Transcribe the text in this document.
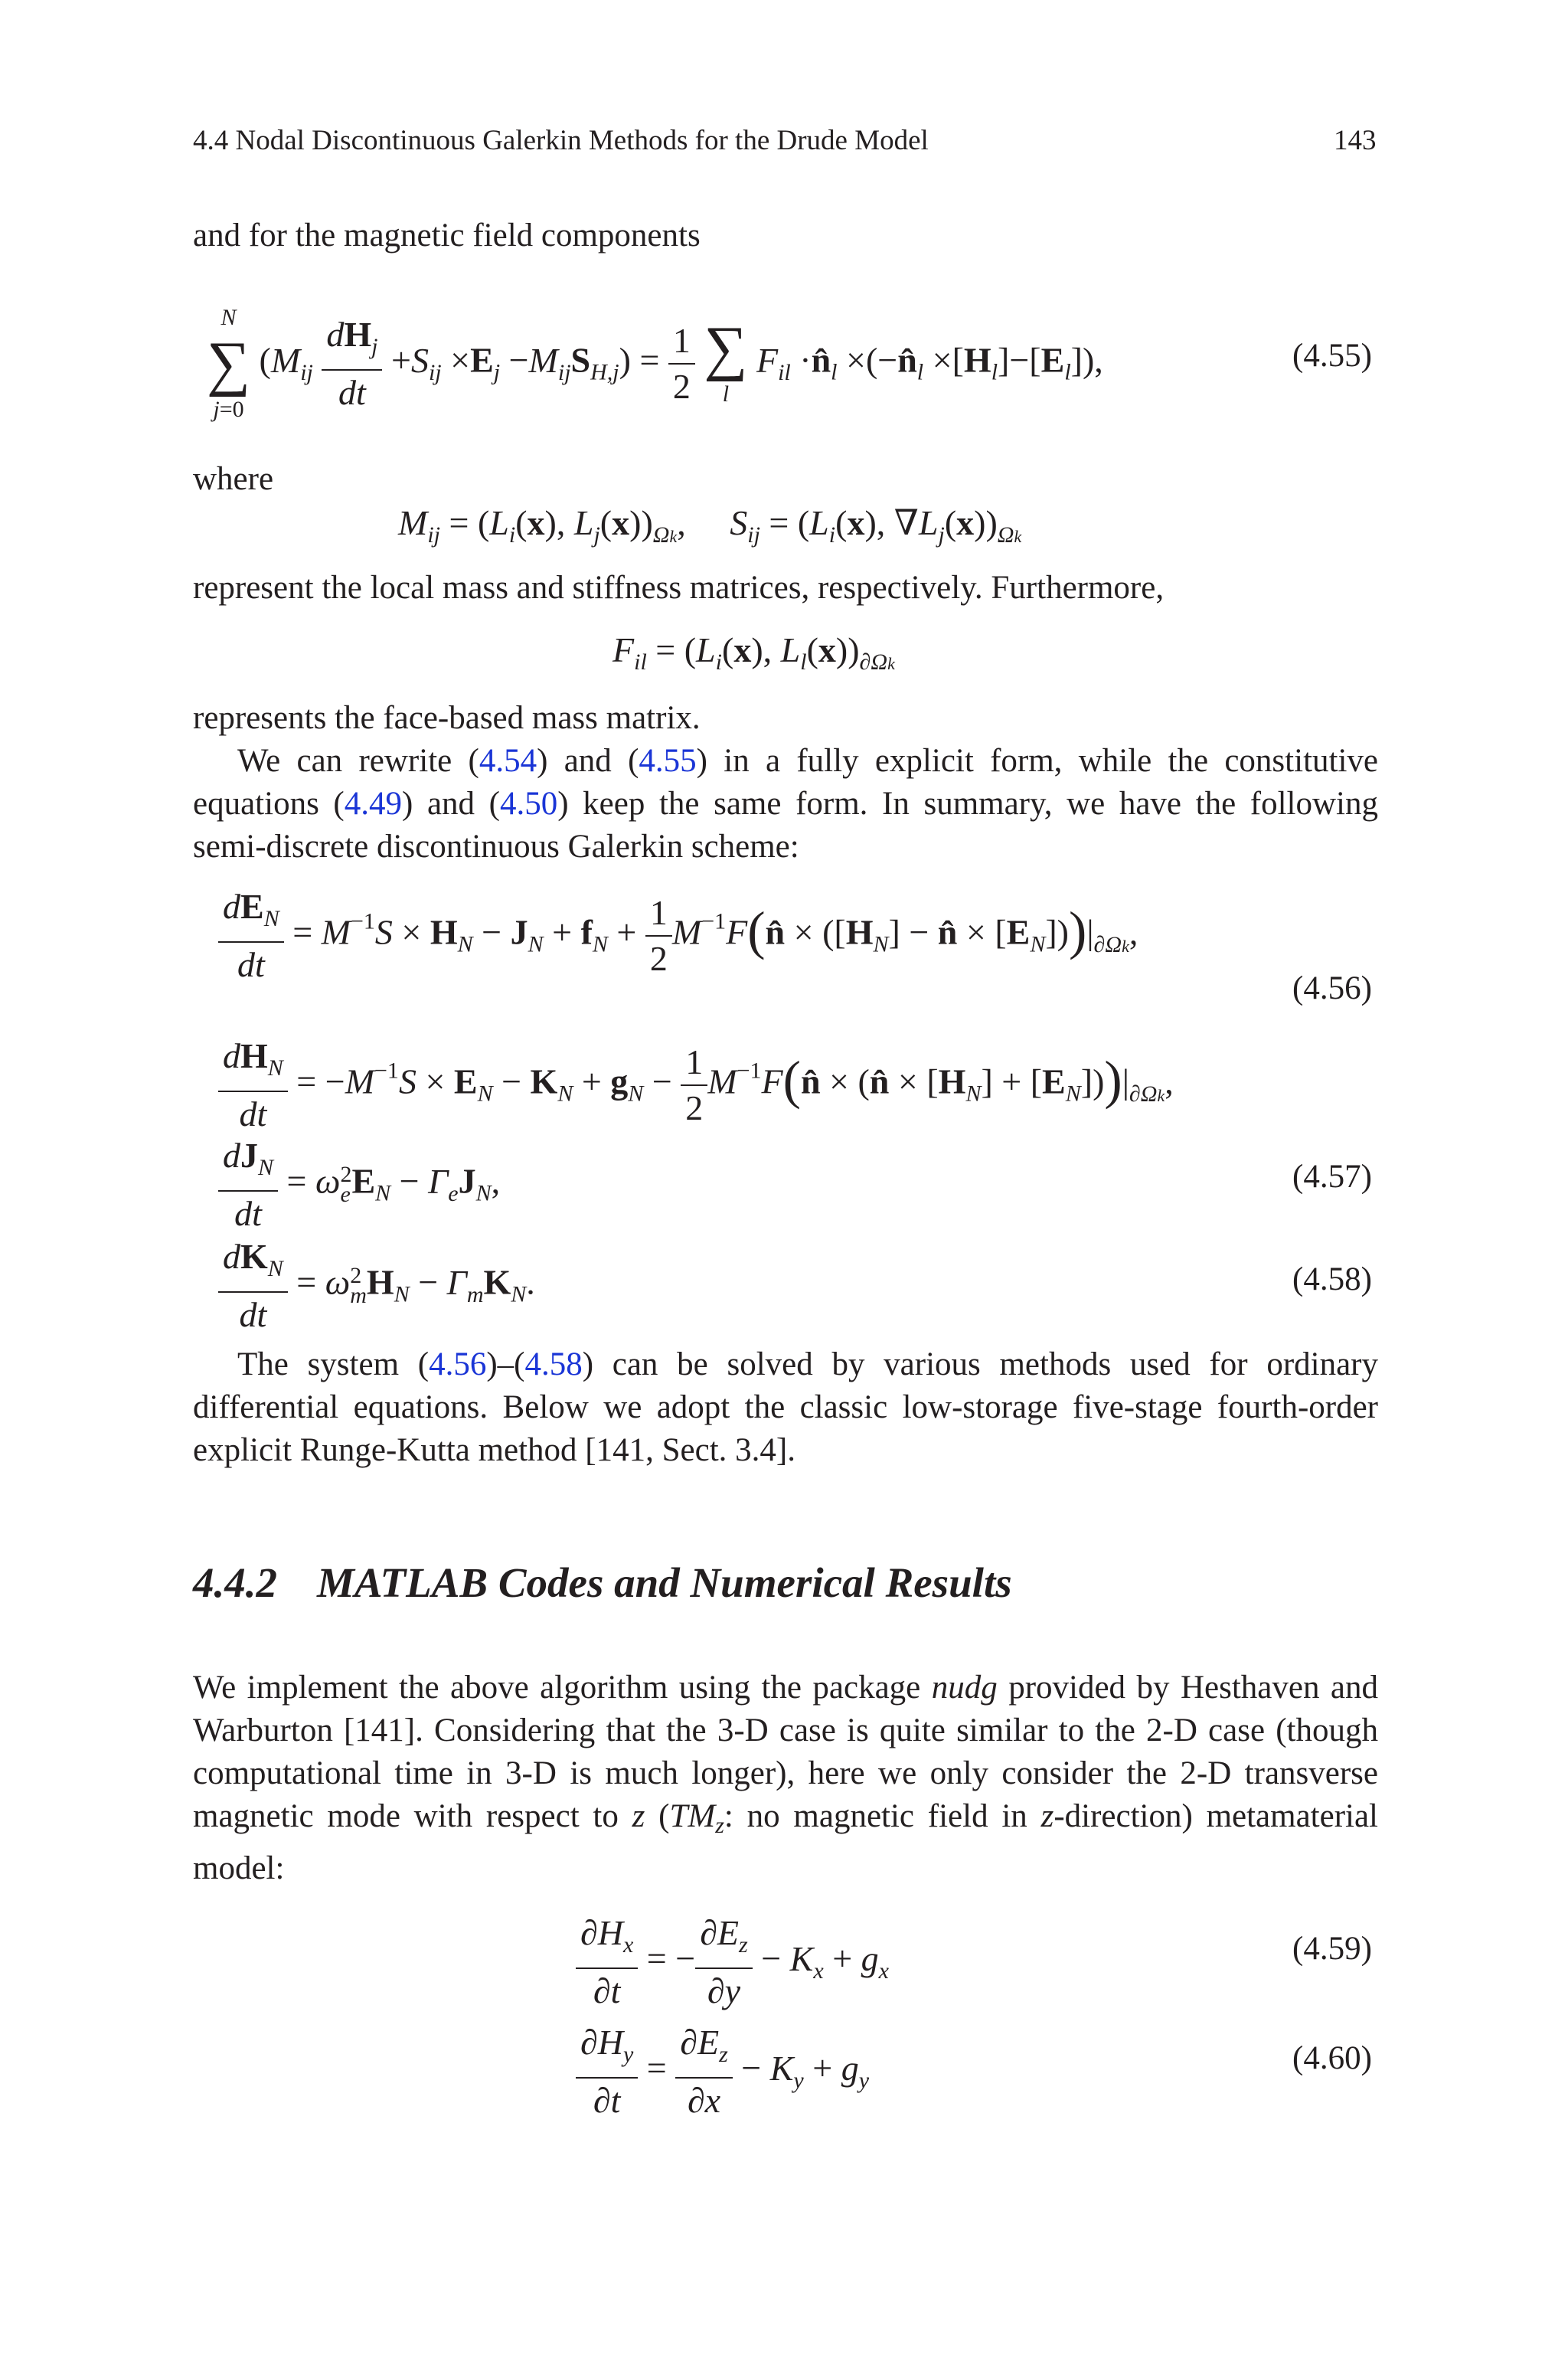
4.4 Nodal Discontinuous Galerkin Methods for the Drude Model	143
and for the magnetic field components
N
∑
j=0
$(M_{ij} \frac{dH_j}{dt} +S_{ij} \times E_j -M_{ij}S_{H,j}) = \frac{1}{2}$
∑
l
$F_{il}$ $\cdot n̂_l$ $\times(-n̂_l \times[H_l]-[E_l])$,	(4.55)
where
$M_{ij} = (L_i(x)$, $L_j(x))_{\Omega k}$,     $S_{ij} = (L_i(x)$, $\nabla L_j(x))_{\Omega k}$
represent the local mass and stiffness matrices, respectively. Furthermore,
$F_{il} = (L_i(x)$, $L_l(x))_{\partial\Omega k}$
represents the face-based mass matrix.
We can rewrite (4.54) and (4.55) in a fully explicit form, while the constitutive equations (4.49) and (4.50) keep the same form. In summary, we have the following semi-discrete discontinuous Galerkin scheme:
$\frac{dE_N}{dt} = M^{-1}S \times H_N - J_N + f_N + \frac{1}{2}$ $M^{-1}F(n̂ \times ([H_N]$ − n̂ × $[E_N]))|_{\partial\Omega k}$,
(4.56)
$\frac{dH_N}{dt} = -M^{-1}S \times E_N - K_N + g_N - \frac{1}{2}$ $M^{-1}F(n̂$ × (n̂ × $[H_N] + [E_N]))|_{\partial\Omega k}$,
$\frac{dJ_N}{dt} = \omega$ 2
e $E_N - \Gamma_eJ_N$,	(4.57)
$\frac{dK_N}{dt} = \omega$ 2
m $H_N - \Gamma_mK_N$.	(4.58)
The system (4.56)–(4.58) can be solved by various methods used for ordinary differential equations. Below we adopt the classic low-storage five-stage fourth-order explicit Runge-Kutta method [141, Sect. 3.4].
4.4.2 MATLAB Codes and Numerical Results
We implement the above algorithm using the package nudg provided by Hesthaven and Warburton [141]. Considering that the 3-D case is quite similar to the 2-D case (though computational time in 3-D is much longer), here we only consider the 2-D transverse magnetic mode with respect to z (TMz: no magnetic field in z-direction) metamaterial model:
$\frac{\partial H_x}{\partial t}$ = − $\frac{\partial E_z}{\partial y} - K_x + g_x$
(4.59)
$\frac{\partial H_y}{\partial t} = \frac{\partial E_z}{\partial x} - K_y + g_y$
(4.60)
